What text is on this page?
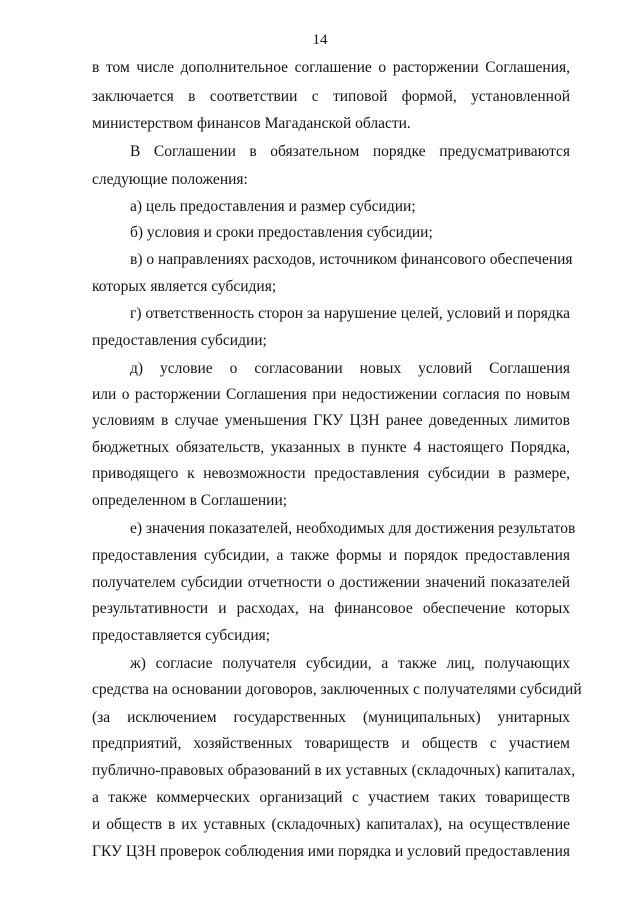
14
в том числе дополнительное соглашение о расторжении Соглашения,
заключается в соответствии с типовой формой, установленной
министерством финансов Магаданской области.
В Соглашении в обязательном порядке предусматриваются
следующие положения:
а) цель предоставления и размер субсидии;
б) условия и сроки предоставления субсидии;
в) о направлениях расходов, источником финансового обеспечения
которых является субсидия;
г) ответственность сторон за нарушение целей, условий и порядка
предоставления субсидии;
д) условие о согласовании новых условий Соглашения
или о расторжении Соглашения при недостижении согласия по новым
условиям в случае уменьшения ГКУ ЦЗН ранее доведенных лимитов
бюджетных обязательств, указанных в пункте 4 настоящего Порядка,
приводящего к невозможности предоставления субсидии в размере,
определенном в Соглашении;
е) значения показателей, необходимых для достижения результатов
предоставления субсидии, а также формы и порядок предоставления
получателем субсидии отчетности о достижении значений показателей
результативности и расходах, на финансовое обеспечение которых
предоставляется субсидия;
ж) согласие получателя субсидии, а также лиц, получающих
средства на основании договоров, заключенных с получателями субсидий
(за исключением государственных (муниципальных) унитарных
предприятий, хозяйственных товариществ и обществ с участием
публично-правовых образований в их уставных (складочных) капиталах,
а также коммерческих организаций с участием таких товариществ
и обществ в их уставных (складочных) капиталах), на осуществление
ГКУ ЦЗН проверок соблюдения ими порядка и условий предоставления
